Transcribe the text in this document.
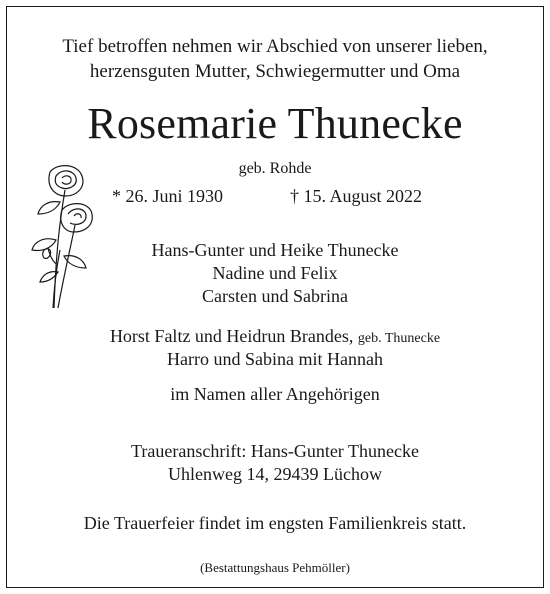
Tief betroffen nehmen wir Abschied von unserer lieben,
herzensguten Mutter, Schwiegermutter und Oma
Rosemarie Thunecke
geb. Rohde
* 26. Juni 1930	† 15. August 2022
Hans-Gunter und Heike Thunecke
Nadine und Felix
Carsten und Sabrina
Horst Faltz und Heidrun Brandes, geb. Thunecke
Harro und Sabina mit Hannah
im Namen aller Angehörigen
Traueranschrift: Hans-Gunter Thunecke
Uhlenweg 14, 29439 Lüchow
Die Trauerfeier findet im engsten Familienkreis statt.
(Bestattungshaus Pehmöller)
